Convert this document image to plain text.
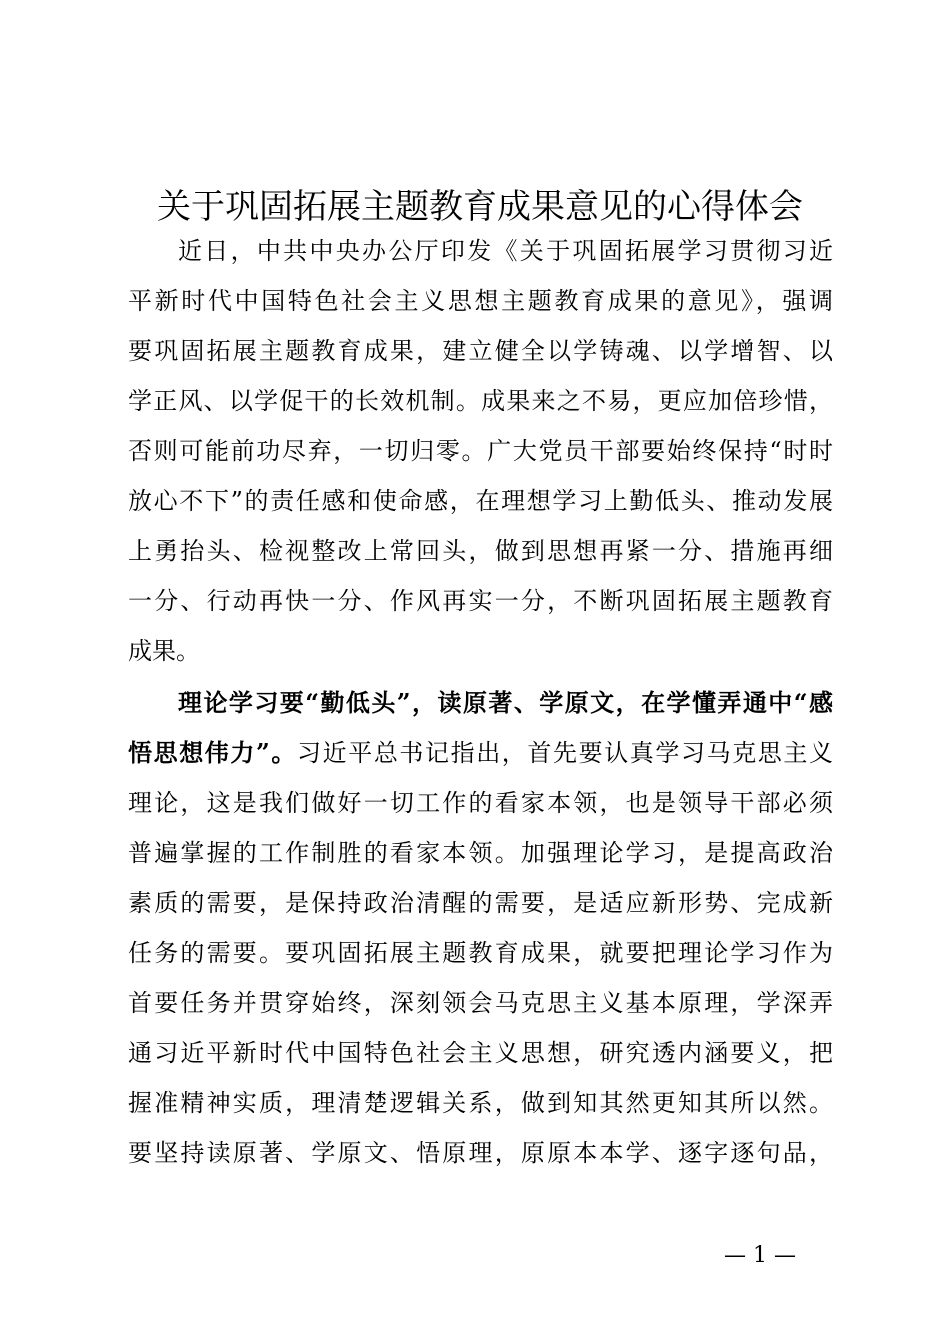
关于巩固拓展主题教育成果意见的心得体会
近日，中共中央办公厅印发《关于巩固拓展学习贯彻习近
平新时代中国特色社会主义思想主题教育成果的意见》，强调
要巩固拓展主题教育成果，建立健全以学铸魂、以学增智、以
学正风、以学促干的长效机制。成果来之不易，更应加倍珍惜，
否则可能前功尽弃，一切归零。广大党员干部要始终保持“时时
放心不下”的责任感和使命感，在理想学习上勤低头、推动发展
上勇抬头、检视整改上常回头，做到思想再紧一分、措施再细
一分、行动再快一分、作风再实一分，不断巩固拓展主题教育
成果。
理论学习要“勤低头”，读原著、学原文，在学懂弄通中“感
悟思想伟力”。习近平总书记指出，首先要认真学习马克思主义
理论，这是我们做好一切工作的看家本领，也是领导干部必须
普遍掌握的工作制胜的看家本领。加强理论学习，是提高政治
素质的需要，是保持政治清醒的需要，是适应新形势、完成新
任务的需要。要巩固拓展主题教育成果，就要把理论学习作为
首要任务并贯穿始终，深刻领会马克思主义基本原理，学深弄
通习近平新时代中国特色社会主义思想，研究透内涵要义，把
握准精神实质，理清楚逻辑关系，做到知其然更知其所以然。
要坚持读原著、学原文、悟原理，原原本本学、逐字逐句品，
— 1 —
